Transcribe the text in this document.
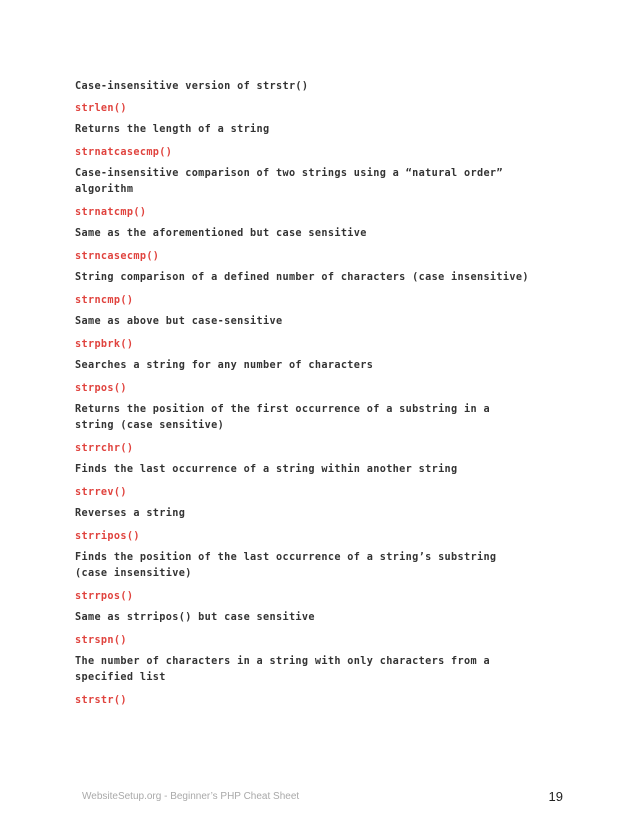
Case-insensitive version of strstr()
strlen()
Returns the length of a string
strnatcasecmp()
Case-insensitive comparison of two strings using a “natural order” algorithm
strnatcmp()
Same as the aforementioned but case sensitive
strncasecmp()
String comparison of a defined number of characters (case insensitive)
strncmp()
Same as above but case-sensitive
strpbrk()
Searches a string for any number of characters
strpos()
Returns the position of the first occurrence of a substring in a string (case sensitive)
strrchr()
Finds the last occurrence of a string within another string
strrev()
Reverses a string
strripos()
Finds the position of the last occurrence of a string’s substring (case insensitive)
strrpos()
Same as strripos() but case sensitive
strspn()
The number of characters in a string with only characters from a specified list
strstr()
WebsiteSetup.org - Beginner’s PHP Cheat Sheet	19
